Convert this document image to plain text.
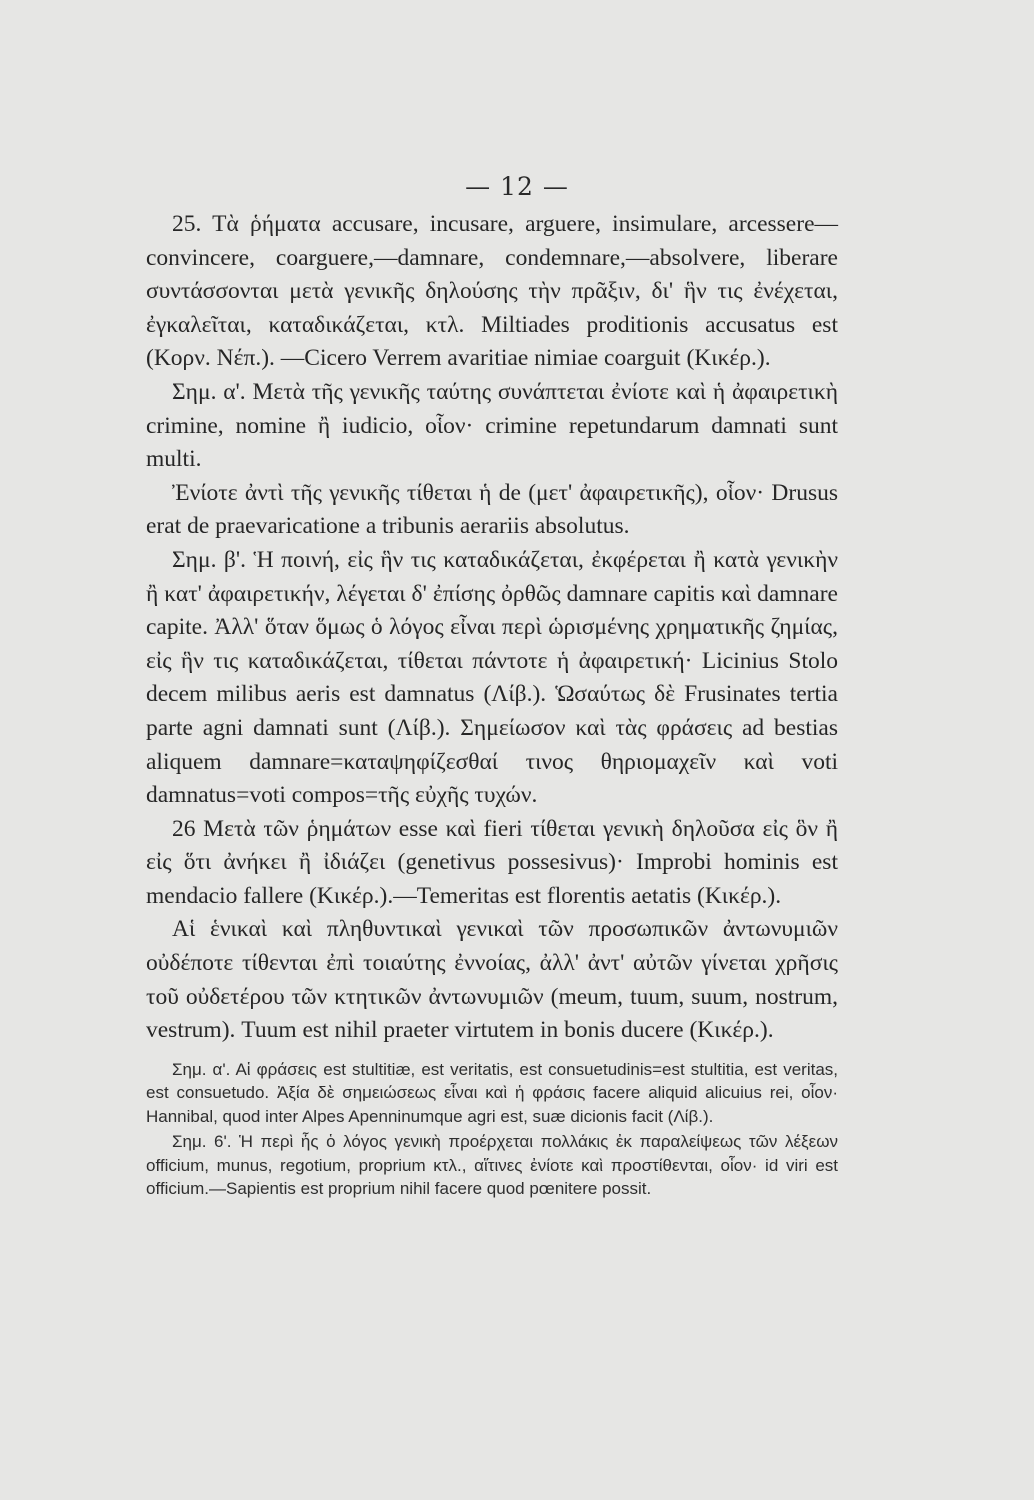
— 12 —

25. Τὰ ῥήματα accusare, incusare, arguere, insimulare, arcessere—convincere, coarguere,—damnare, condemnare,—absolvere, liberare συντάσσονται μετὰ γενικῆς δηλούσης τὴν πρᾶξιν, δι' ἣν τις ἐνέχεται, ἐγκαλεῖται, καταδικάζεται, κτλ. Miltiades proditionis accusatus est (Κορν. Νέπ.). —Cicero Verrem avaritiae nimiae coarguit (Κικέρ.).

Σημ. α'. Μετὰ τῆς γενικῆς ταύτης συνάπτεται ἐνίοτε καὶ ἡ ἀφαιρετικὴ crimine, nomine ἢ iudicio, οἷον· crimine repetundarum damnati sunt multi.

Ἐνίοτε ἀντὶ τῆς γενικῆς τίθεται ἡ de (μετ' ἀφαιρετικῆς), οἷον· Drusus erat de praevaricatione a tribunis aerariis absolutus.

Σημ. β'. Ἡ ποινή, εἰς ἣν τις καταδικάζεται, ἐκφέρεται ἢ κατὰ γενικὴν ἢ κατ' ἀφαιρετικήν, λέγεται δ' ἐπίσης ὀρθῶς damnare capitis καὶ damnare capite. Ἀλλ' ὅταν ὅμως ὁ λόγος εἶναι περὶ ὡρισμένης χρηματικῆς ζημίας, εἰς ἣν τις καταδικάζεται, τίθεται πάντοτε ἡ ἀφαιρετική· Licinius Stolo decem milibus aeris est damnatus (Λίβ.). Ὡσαύτως δὲ Frusinates tertia parte agni damnati sunt (Λίβ.). Σημείωσον καὶ τὰς φράσεις ad bestias aliquem damnare=καταψηφίζεσθαί τινος θηριομαχεῖν καὶ voti damnatus=voti compos=τῆς εὐχῆς τυχών.

26 Μετὰ τῶν ῥημάτων esse καὶ fieri τίθεται γενικὴ δηλοῦσα εἰς ὃν ἢ εἰς ὅτι ἀνήκει ἢ ἰδιάζει (genetivus possesivus)· Improbi hominis est mendacio fallere (Κικέρ.).—Temeritas est florentis aetatis (Κικέρ.).

Αἱ ἑνικαὶ καὶ πληθυντικαὶ γενικαὶ τῶν προσωπικῶν ἀντωνυμιῶν οὐδέποτε τίθενται ἐπὶ τοιαύτης ἐννοίας, ἀλλ' ἀντ' αὐτῶν γίνεται χρῆσις τοῦ οὐδετέρου τῶν κτητικῶν ἀντωνυμιῶν (meum, tuum, suum, nostrum, vestrum). Tuum est nihil praeter virtutem in bonis ducere (Κικέρ.).

Σημ. α'. Αἱ φράσεις est stultitiæ, est veritatis, est consuetudinis=est stultitia, est veritas, est consuetudo. Ἀξία δὲ σημειώσεως εἶναι καὶ ἡ φράσις facere aliquid alicuius rei, οἷον· Hannibal, quod inter Alpes Apenninumque agri est, suæ dicionis facit (Λίβ.).

Σημ. 6'. Ἡ περὶ ἧς ὁ λόγος γενικὴ προέρχεται πολλάκις ἐκ παραλείψεως τῶν λέξεων officium, munus, regotium, proprium κτλ., αἵτινες ἐνίοτε καὶ προστίθενται, οἷον· id viri est officium.—Sapientis est proprium nihil facere quod pœnitere possit.
